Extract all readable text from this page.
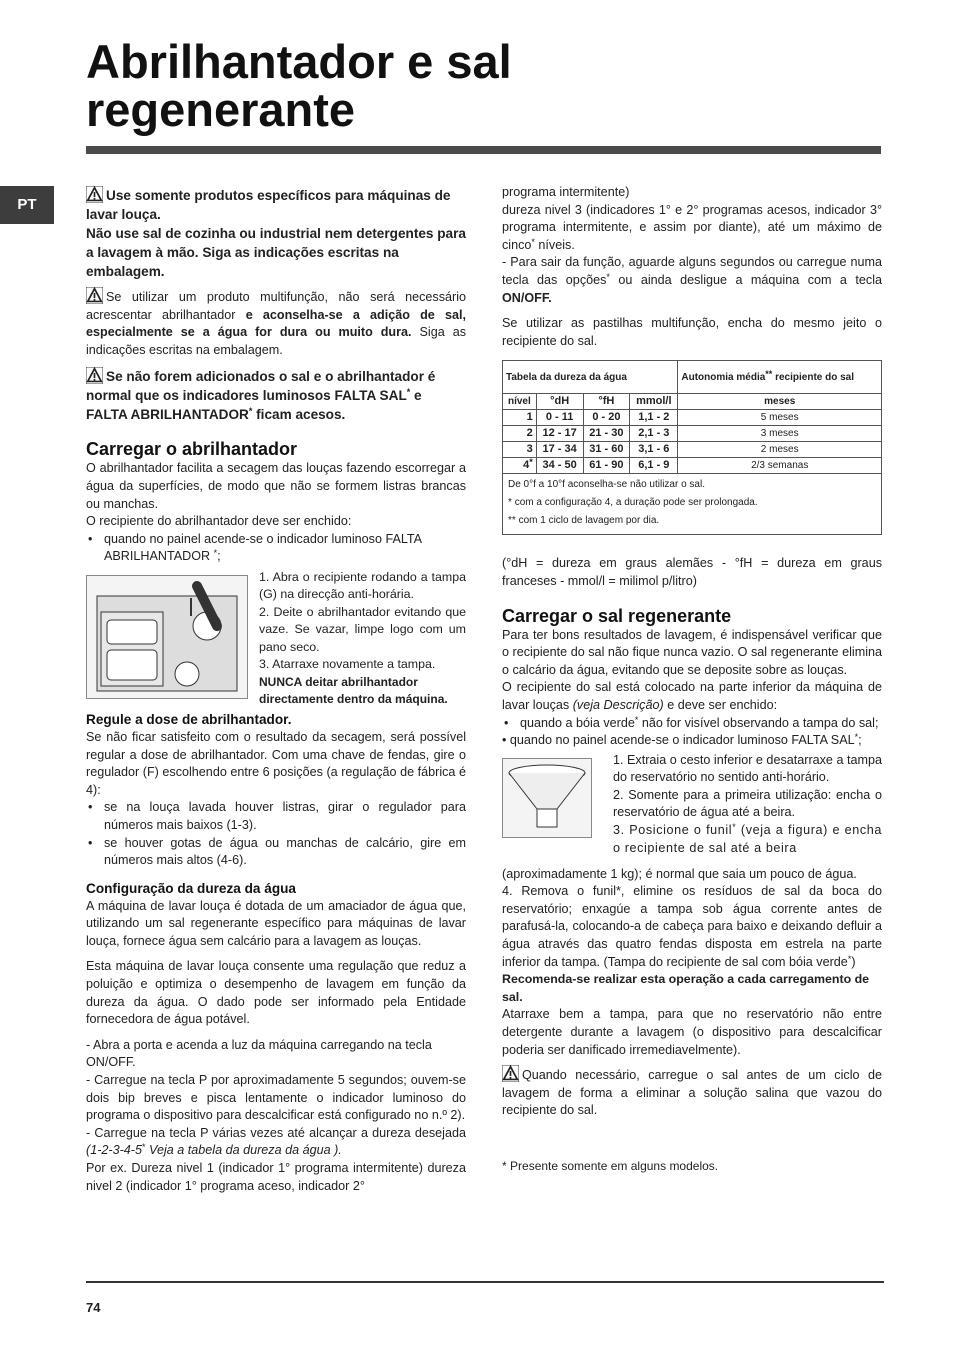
Abrilhantador e sal
regenerante
PT

Use somente produtos específicos para máquinas de lavar louça.
Não use sal de cozinha ou industrial nem detergentes para a lavagem à mão. Siga as indicações escritas na embalagem.

Se utilizar um produto multifunção, não será necessário acrescentar abrilhantador e aconselha-se a adição de sal, especialmente se a água for dura ou muito dura. Siga as indicações escritas na embalagem.

Se não forem adicionados o sal e o abrilhantador é normal que os indicadores luminosos FALTA SAL* e FALTA ABRILHANTADOR* ficam acesos.

Carregar o abrilhantador

O abrilhantador facilita a secagem das louças fazendo escorregar a água da superfícies, de modo que não se formem listras brancas ou manchas.

O recipiente do abrilhantador deve ser enchido:

• quando no painel acende-se o indicador luminoso FALTA ABRILHANTADOR *;

1. Abra o recipiente rodando a tampa (G) na direcção anti-horária.

2. Deite o abrilhantador evitando que vaze. Se vazar, limpe logo com um pano seco.

3. Atarraxe novamente a tampa.

NUNCA deitar abrilhantador directamente dentro da máquina.

Regule a dose de abrilhantador.

Se não ficar satisfeito com o resultado da secagem, será possível regular a dose de abrilhantador. Com uma chave de fendas, gire o regulador (F) escolhendo entre 6 posições (a regulação de fábrica é 4):

• se na louça lavada houver listras, girar o regulador para números mais baixos (1-3).

• se houver gotas de água ou manchas de calcário, gire em números mais altos (4-6).

Configuração da dureza da água

A máquina de lavar louça é dotada de um amaciador de água que, utilizando um sal regenerante específico para máquinas de lavar louça, fornece água sem calcário para a lavagem as louças.

Esta máquina de lavar louça consente uma regulação que reduz a poluição e optimiza o desempenho de lavagem em função da dureza da água. O dado pode ser informado pela Entidade fornecedora de água potável.

- Abra a porta e acenda a luz da máquina carregando na tecla ON/OFF.

- Carregue na tecla P por aproximadamente 5 segundos; ouvem-se dois bip breves e pisca lentamente o indicador luminoso do programa o dispositivo para descalcificar está configurado no n.º 2).

- Carregue na tecla P várias vezes até alcançar a dureza desejada (1-2-3-4-5* Veja a tabela da dureza da água ).

Por ex. Dureza nivel 1 (indicador 1° programa intermitente) dureza nivel 2 (indicador 1° programa aceso, indicador 2°

programa intermitente)

dureza nivel 3 (indicadores 1° e 2° programas acesos, indicador 3° programa intermitente, e assim por diante), até um máximo de cinco* níveis.

- Para sair da função, aguarde alguns segundos ou carregue numa tecla das opções* ou ainda desligue a máquina com a tecla ON/OFF.

Se utilizar as pastilhas multifunção, encha do mesmo jeito o recipiente do sal.

Tabela da dureza da água				Autonomia média** recipiente do sal
nível	°dH	°fH	mmol/l	meses
1	0 - 11	0 - 20	1,1 - 2	5 meses
2	12 - 17	21 - 30	2,1 - 3	3 meses
3	17 - 34	31 - 60	3,1 - 6	2 meses
4*	34 - 50	61 - 90	6,1 - 9	2/3 semanas

De 0°f a 10°f aconselha-se não utilizar o sal.
* com a configuração 4, a duração pode ser prolongada.
** com 1 ciclo de lavagem por dia.				

(°dH = dureza em graus alemães - °fH = dureza em graus franceses - mmol/l = milimol p/litro)

Carregar o sal regenerante

Para ter bons resultados de lavagem, é indispensável verificar que o recipiente do sal não fique nunca vazio. O sal regenerante elimina o calcário da água, evitando que se deposite sobre as louças.

O recipiente do sal está colocado na parte inferior da máquina de lavar louças (veja Descrição) e deve ser enchido:

• quando a bóia verde* não for visível observando a tampa do sal;

• quando no painel acende-se o indicador luminoso FALTA SAL*;

1. Extraia o cesto inferior e desatarraxe a tampa do reservatório no sentido anti-horário.

2. Somente para a primeira utilização: encha o reservatório de água até a beira.

3. Posicione o funil* (veja a figura) e encha o recipiente de sal até a beira

(aproximadamente 1 kg); é normal que saia um pouco de água.

4. Remova o funil*, elimine os resíduos de sal da boca do reservatório; enxagúe a tampa sob água corrente antes de parafusá-la, colocando-a de cabeça para baixo e deixando defluir a água através das quatro fendas disposta em estrela na parte inferior da tampa. (Tampa do recipiente de sal com bóia verde*)

Recomenda-se realizar esta operação a cada carregamento de sal.

Atarraxe bem a tampa, para que no reservatório não entre detergente durante a lavagem (o dispositivo para descalcificar poderia ser danificado irremediavelmente).

Quando necessário, carregue o sal antes de um ciclo de lavagem de forma a eliminar a solução salina que vazou do recipiente do sal.

* Presente somente em alguns modelos.

74
